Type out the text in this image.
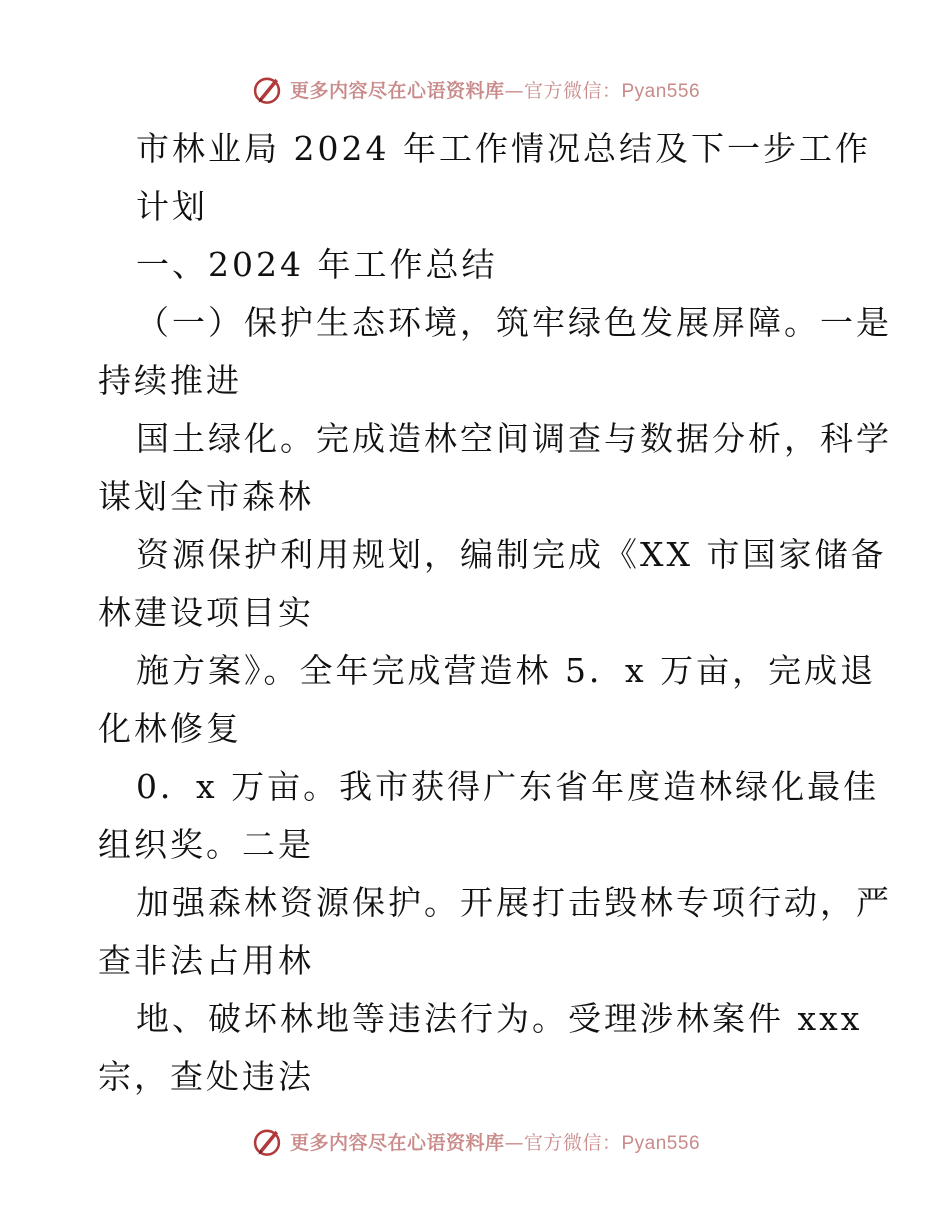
更多内容尽在心语资料库—官方微信：Pyan556
市林业局 2024 年工作情况总结及下一步工作
计划
一、2024 年工作总结
（一）保护生态环境，筑牢绿色发展屏障。一是
持续推进
国土绿化。完成造林空间调查与数据分析，科学
谋划全市森林
资源保护利用规划，编制完成《XX 市国家储备
林建设项目实
施方案》。全年完成营造林 5．x 万亩，完成退
化林修复
0．x 万亩。我市获得广东省年度造林绿化最佳
组织奖。二是
加强森林资源保护。开展打击毁林专项行动，严
查非法占用林
地、破坏林地等违法行为。受理涉林案件 xxx
宗，查处违法
更多内容尽在心语资料库—官方微信：Pyan556
